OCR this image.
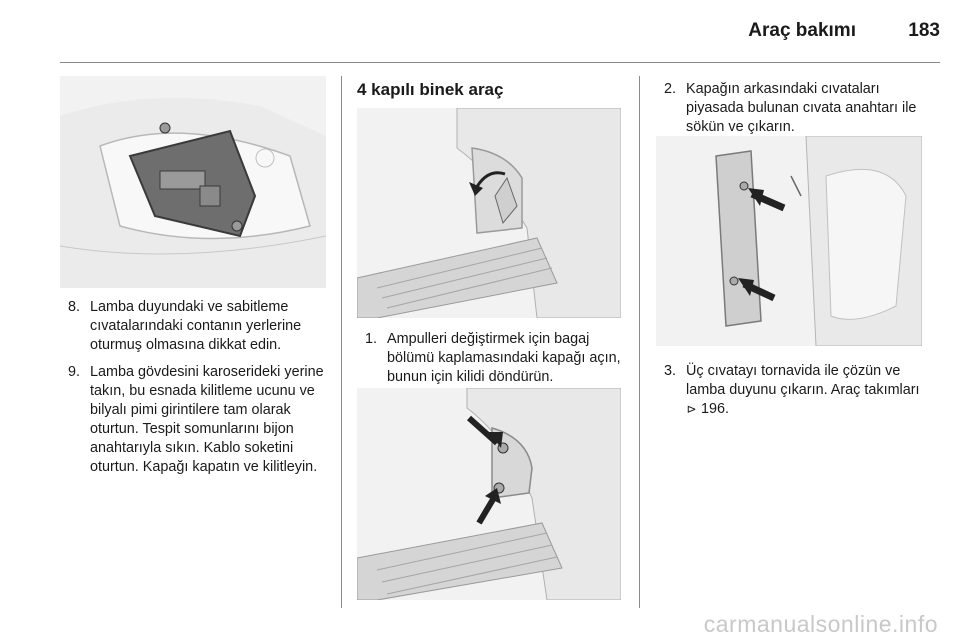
Araç bakımı	183
8. Lamba duyundaki ve sabitleme cıvatalarındaki contanın yerlerine oturmuş olmasına dikkat edin.
9. Lamba gövdesini karoserideki yerine takın, bu esnada kilitleme ucunu ve bilyalı pimi girintilere tam olarak oturtun. Tespit somunlarını bijon anahtarıyla sıkın. Kablo soketini oturtun. Kapağı kapatın ve kilitleyin.
4 kapılı binek araç
1. Ampulleri değiştirmek için bagaj bölümü kaplamasındaki kapağı açın, bunun için kilidi döndürün.
2. Kapağın arkasındaki cıvataları piyasada bulunan cıvata anahtarı ile sökün ve çıkarın.
3. Üç cıvatayı tornavida ile çözün ve lamba duyunu çıkarın. Araç takımları ⊳ 196.
carmanualsonline.info
